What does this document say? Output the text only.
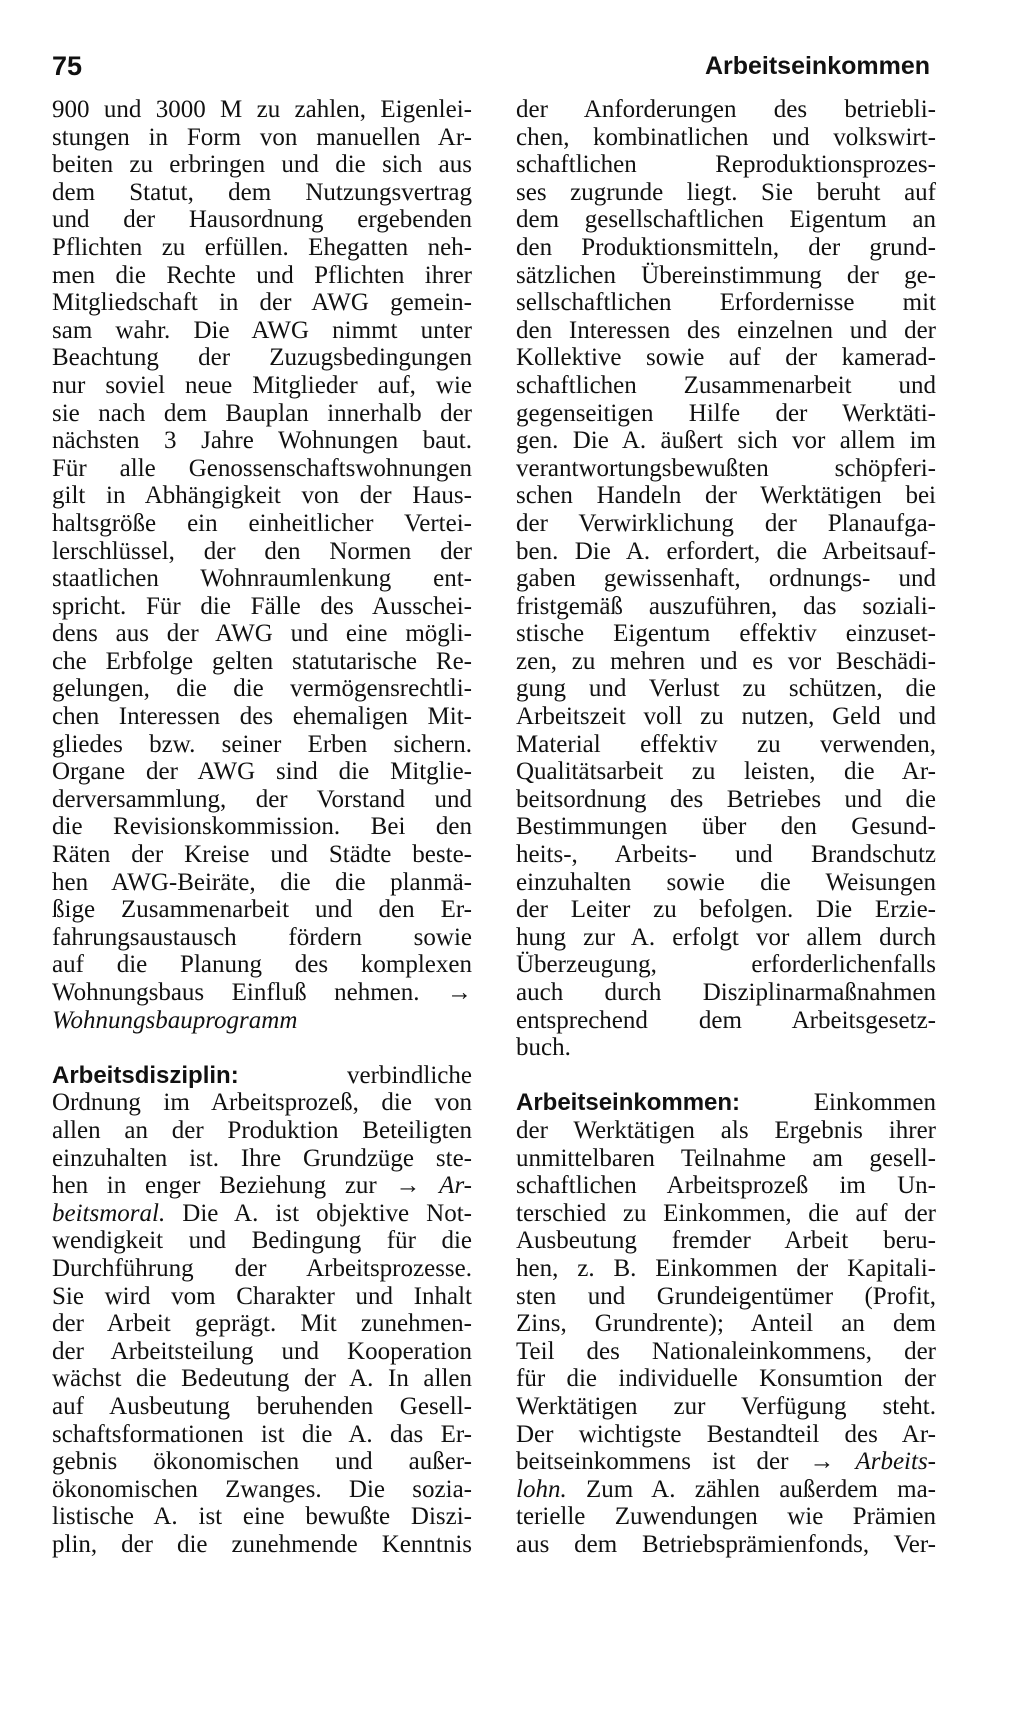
75	Arbeitseinkommen
900 und 3000 M zu zahlen, Eigenlei-
stungen in Form von manuellen Ar-
beiten zu erbringen und die sich aus
dem Statut, dem Nutzungsvertrag
und der Hausordnung ergebenden
Pflichten zu erfüllen. Ehegatten neh-
men die Rechte und Pflichten ihrer
Mitgliedschaft in der AWG gemein-
sam wahr. Die AWG nimmt unter
Beachtung der Zuzugsbedingungen
nur soviel neue Mitglieder auf, wie
sie nach dem Bauplan innerhalb der
nächsten 3 Jahre Wohnungen baut.
Für alle Genossenschaftswohnungen
gilt in Abhängigkeit von der Haus-
haltsgröße ein einheitlicher Vertei-
lerschlüssel, der den Normen der
staatlichen Wohnraumlenkung ent-
spricht. Für die Fälle des Ausschei-
dens aus der AWG und eine mögli-
che Erbfolge gelten statutarische Re-
gelungen, die die vermögensrechtli-
chen Interessen des ehemaligen Mit-
gliedes bzw. seiner Erben sichern.
Organe der AWG sind die Mitglie-
derversammlung, der Vorstand und
die Revisionskommission. Bei den
Räten der Kreise und Städte beste-
hen AWG-Beiräte, die die planmä-
ßige Zusammenarbeit und den Er-
fahrungsaustausch fördern sowie
auf die Planung des komplexen
Wohnungsbaus Einfluß nehmen. →
Wohnungsbauprogramm
Arbeitsdisziplin:	verbindliche
Ordnung im Arbeitsprozeß, die von
allen an der Produktion Beteiligten
einzuhalten ist. Ihre Grundzüge ste-
hen in enger Beziehung zur → Ar-
beitsmoral. Die A. ist objektive Not-
wendigkeit und Bedingung für die
Durchführung der Arbeitsprozesse.
Sie wird vom Charakter und Inhalt
der Arbeit geprägt. Mit zunehmen-
der Arbeitsteilung und Kooperation
wächst die Bedeutung der A. In allen
auf Ausbeutung beruhenden Gesell-
schaftsformationen ist die A. das Er-
gebnis ökonomischen und außer-
ökonomischen Zwanges. Die sozia-
listische A. ist eine bewußte Diszi-
plin, der die zunehmende Kenntnis
der Anforderungen des betriebli-
chen, kombinatlichen und volkswirt-
schaftlichen Reproduktionsprozes-
ses zugrunde liegt. Sie beruht auf
dem gesellschaftlichen Eigentum an
den Produktionsmitteln, der grund-
sätzlichen Übereinstimmung der ge-
sellschaftlichen Erfordernisse mit
den Interessen des einzelnen und der
Kollektive sowie auf der kamerad-
schaftlichen Zusammenarbeit und
gegenseitigen Hilfe der Werktäti-
gen. Die A. äußert sich vor allem im
verantwortungsbewußten schöpferi-
schen Handeln der Werktätigen bei
der Verwirklichung der Planaufga-
ben. Die A. erfordert, die Arbeitsauf-
gaben gewissenhaft, ordnungs- und
fristgemäß auszuführen, das soziali-
stische Eigentum effektiv einzuset-
zen, zu mehren und es vor Beschädi-
gung und Verlust zu schützen, die
Arbeitszeit voll zu nutzen, Geld und
Material effektiv zu verwenden,
Qualitätsarbeit zu leisten, die Ar-
beitsordnung des Betriebes und die
Bestimmungen über den Gesund-
heits-, Arbeits- und Brandschutz
einzuhalten sowie die Weisungen
der Leiter zu befolgen. Die Erzie-
hung zur A. erfolgt vor allem durch
Überzeugung, erforderlichenfalls
auch durch Disziplinarmaßnahmen
entsprechend dem Arbeitsgesetz-
buch.
Arbeitseinkommen: Einkommen
der Werktätigen als Ergebnis ihrer
unmittelbaren Teilnahme am gesell-
schaftlichen Arbeitsprozeß im Un-
terschied zu Einkommen, die auf der
Ausbeutung fremder Arbeit beru-
hen, z. B. Einkommen der Kapitali-
sten und Grundeigentümer (Profit,
Zins, Grundrente); Anteil an dem
Teil des Nationaleinkommens, der
für die individuelle Konsumtion der
Werktätigen zur Verfügung steht.
Der wichtigste Bestandteil des Ar-
beitseinkommens ist der → Arbeits-
lohn. Zum A. zählen außerdem ma-
terielle Zuwendungen wie Prämien
aus dem Betriebsprämienfonds, Ver-
